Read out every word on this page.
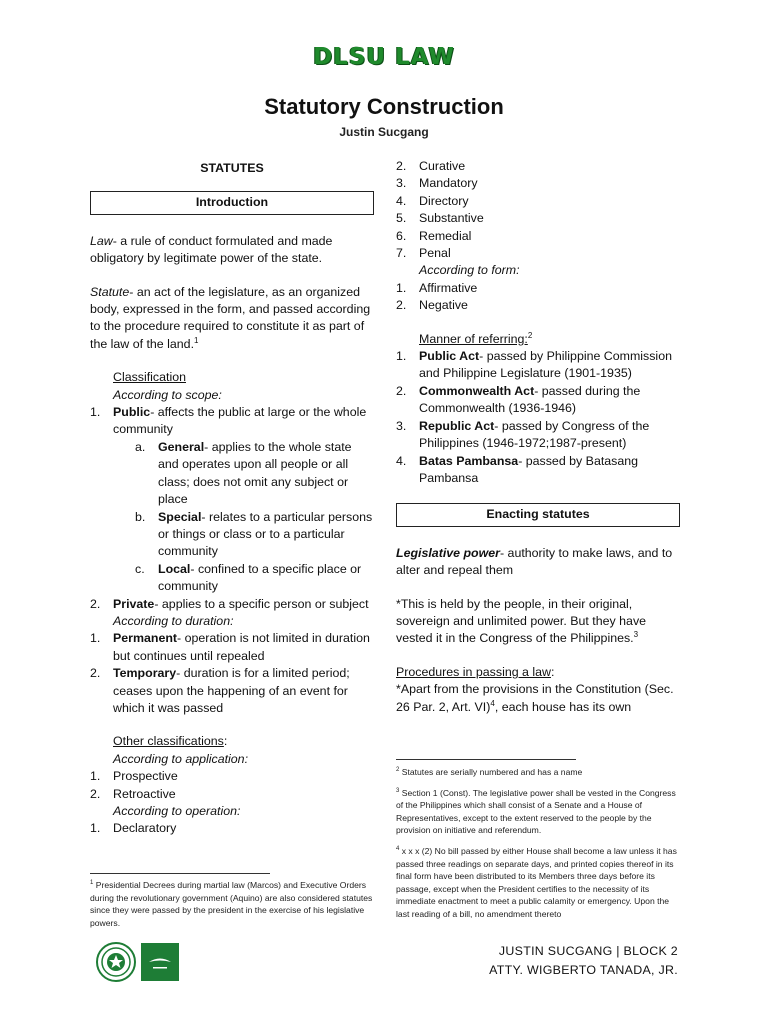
DLSU LAW
Statutory Construction
Justin Sucgang
STATUTES
Introduction
Law- a rule of conduct formulated and made obligatory by legitimate power of the state.
Statute- an act of the legislature, as an organized body, expressed in the form, and passed according to the procedure required to constitute it as part of the law of the land.$^1$
Classification
According to scope:
1. Public- affects the public at large or the whole community
a. General- applies to the whole state and operates upon all people or all class; does not omit any subject or place
b. Special- relates to a particular persons or things or class or to a particular community
c. Local- confined to a specific place or community
2. Private- applies to a specific person or subject
According to duration:
1. Permanent- operation is not limited in duration but continues until repealed
2. Temporary- duration is for a limited period; ceases upon the happening of an event for which it was passed
Other classifications:
According to application:
1. Prospective
2. Retroactive
According to operation:
1. Declaratory
$^1$ Presidential Decrees during martial law (Marcos) and Executive Orders during the revolutionary government (Aquino) are also considered statutes since they were passed by the president in the exercise of his legislative powers.
2. Curative
3. Mandatory
4. Directory
5. Substantive
6. Remedial
7. Penal
According to form:
1. Affirmative
2. Negative
Manner of referring:$^2$
1. Public Act- passed by Philippine Commission and Philippine Legislature (1901-1935)
2. Commonwealth Act- passed during the Commonwealth (1936-1946)
3. Republic Act- passed by Congress of the Philippines (1946-1972;1987-present)
4. Batas Pambansa- passed by Batasang Pambansa
Enacting statutes
Legislative power- authority to make laws, and to alter and repeal them
*This is held by the people, in their original, sovereign and unlimited power. But they have vested it in the Congress of the Philippines.$^3$
Procedures in passing a law:
*Apart from the provisions in the Constitution (Sec. 26 Par. 2, Art. VI)$^4$, each house has its own

$^2$ Statutes are serially numbered and has a name

$^3$ Section 1 (Const). The legislative power shall be vested in the Congress of the Philippines which shall consist of a Senate and a House of Representatives, except to the extent reserved to the people by the provision on initiative and referendum.

$^4$ x x x (2) No bill passed by either House shall become a law unless it has passed three readings on separate days, and printed copies thereof in its final form have been distributed to its Members three days before its passage, except when the President certifies to the necessity of its immediate enactment to meet a public calamity or emergency. Upon the last reading of a bill, no amendment thereto

JUSTIN SUCGANG | BLOCK 2
ATTY. WIGBERTO TANADA, JR.
